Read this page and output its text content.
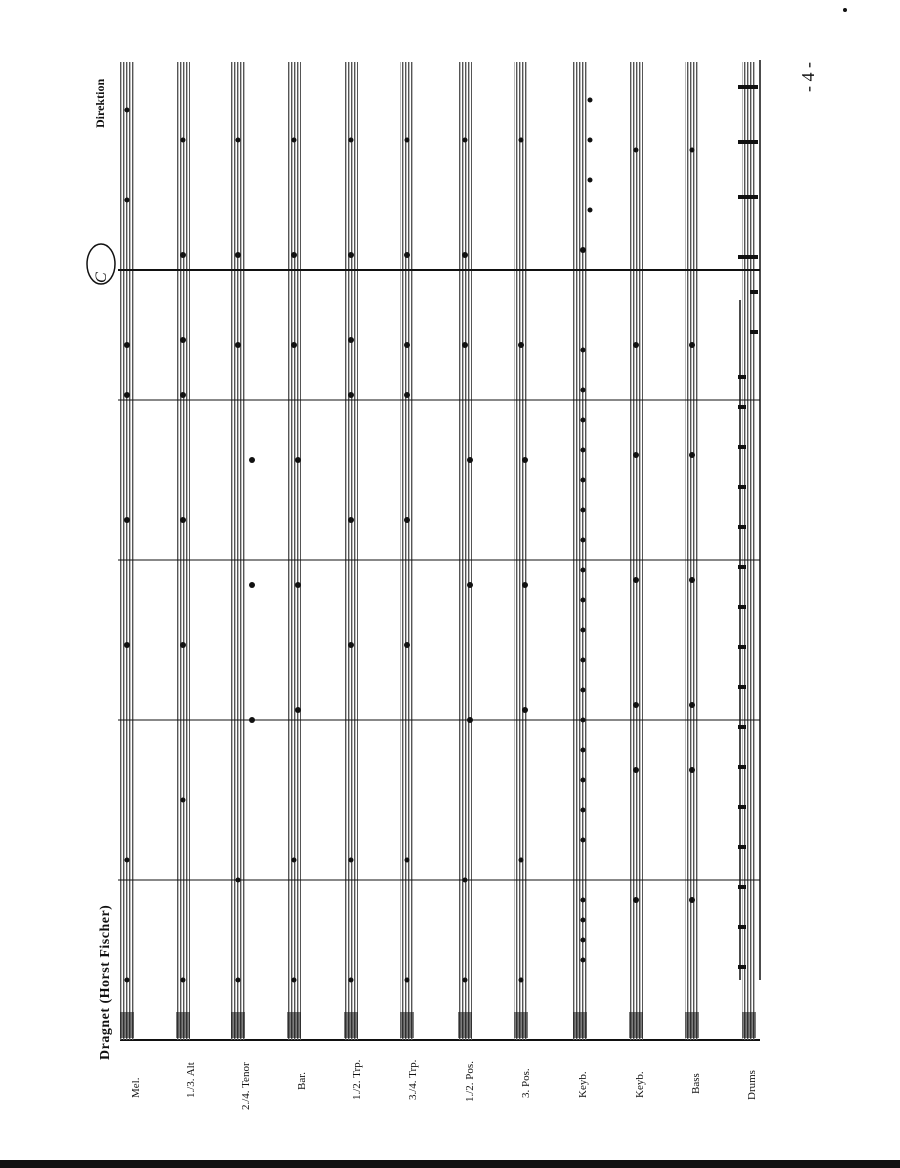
Dragnet (Horst Fischer)
Direktion
- 4 -
Mel.	1./3. Alt	2./4. Tenor	Bar.	1./2. Trp.	3./4. Trp.	1./2. Pos.	3. Pos.	Keyb.	Keyb.	Bass	Drums
C
